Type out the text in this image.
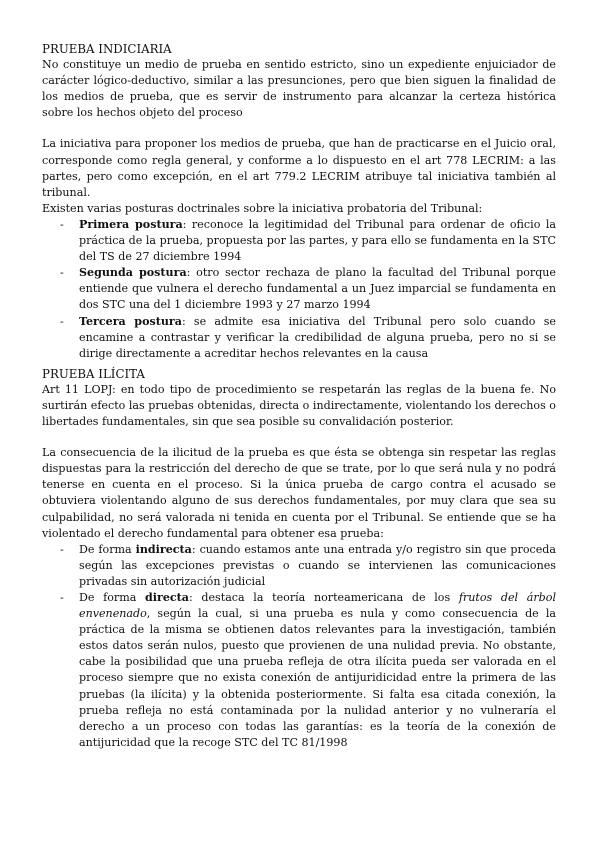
PRUEBA INDICIARIA

No constituye un medio de prueba en sentido estricto, sino un expediente enjuiciador de carácter lógico-deductivo, similar a las presunciones, pero que bien siguen la finalidad de los medios de prueba, que es servir de instrumento para alcanzar la certeza histórica sobre los hechos objeto del proceso

La iniciativa para proponer los medios de prueba, que han de practicarse en el Juicio oral, corresponde como regla general, y conforme a lo dispuesto en el art 778 LECRIM: a las partes, pero como excepción, en el art 779.2 LECRIM atribuye tal iniciativa también al tribunal.

Existen varias posturas doctrinales sobre la iniciativa probatoria del Tribunal:

- Primera postura: reconoce la legitimidad del Tribunal para ordenar de oficio la práctica de la prueba, propuesta por las partes, y para ello se fundamenta en la STC del TS de 27 diciembre 1994
- Segunda postura: otro sector rechaza de plano la facultad del Tribunal porque entiende que vulnera el derecho fundamental a un Juez imparcial se fundamenta en dos STC una del 1 diciembre 1993 y 27 marzo 1994
- Tercera postura: se admite esa iniciativa del Tribunal pero solo cuando se encamine a contrastar y verificar la credibilidad de alguna prueba, pero no si se dirige directamente a acreditar hechos relevantes en la causa
PRUEBA ILÍCITA

Art 11 LOPJ: en todo tipo de procedimiento se respetarán las reglas de la buena fe. No surtirán efecto las pruebas obtenidas, directa o indirectamente, violentando los derechos o libertades fundamentales, sin que sea posible su convalidación posterior.

La consecuencia de la ilicitud de la prueba es que ésta se obtenga sin respetar las reglas dispuestas para la restricción del derecho de que se trate, por lo que será nula y no podrá tenerse en cuenta en el proceso. Si la única prueba de cargo contra el acusado se obtuviera violentando alguno de sus derechos fundamentales, por muy clara que sea su culpabilidad, no será valorada ni tenida en cuenta por el Tribunal. Se entiende que se ha violentado el derecho fundamental para obtener esa prueba:

- De forma indirecta: cuando estamos ante una entrada y/o registro sin que proceda según las excepciones previstas o cuando se intervienen las comunicaciones privadas sin autorización judicial
- De forma directa: destaca la teoría norteamericana de los frutos del árbol envenenado, según la cual, si una prueba es nula y como consecuencia de la práctica de la misma se obtienen datos relevantes para la investigación, también estos datos serán nulos, puesto que provienen de una nulidad previa. No obstante, cabe la posibilidad que una prueba refleja de otra ilícita pueda ser valorada en el proceso siempre que no exista conexión de antijuridicidad entre la primera de las pruebas (la ilícita) y la obtenida posteriormente. Si falta esa citada conexión, la prueba refleja no está contaminada por la nulidad anterior y no vulneraría el derecho a un proceso con todas las garantías: es la teoría de la conexión de antijuricidad que la recoge STC del TC 81/1998
